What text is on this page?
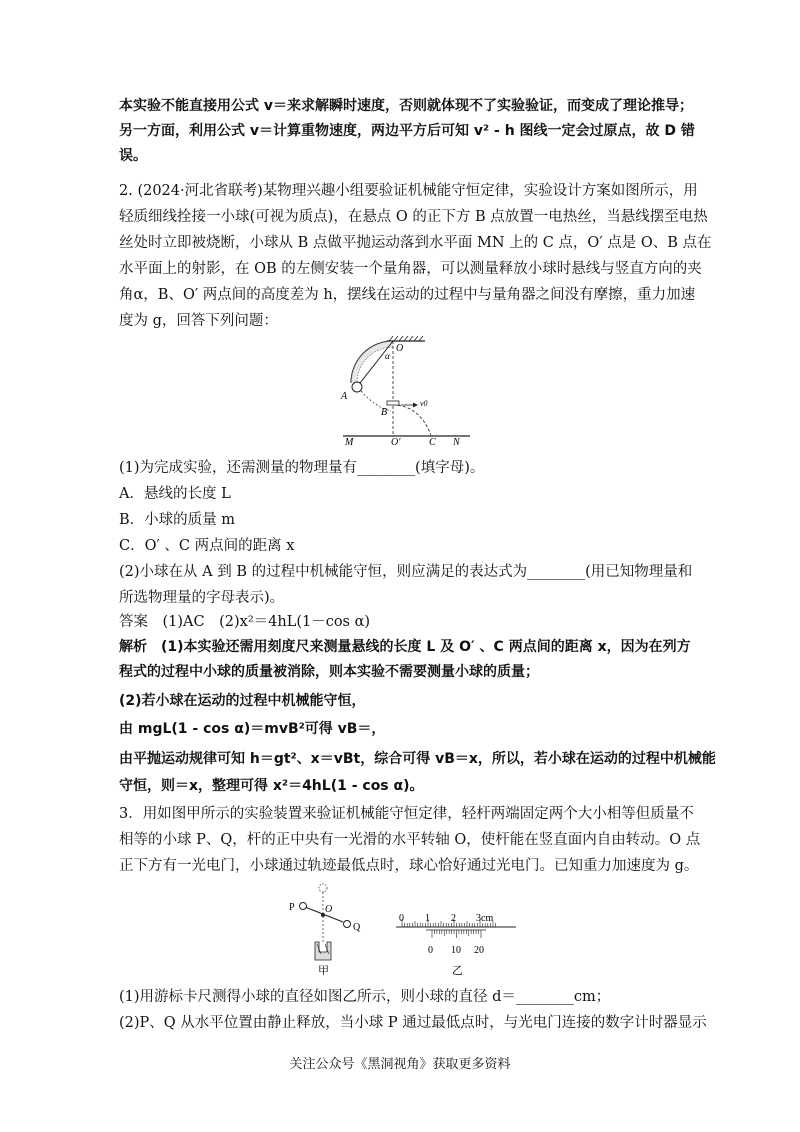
本实验不能直接用公式 v＝来求解瞬时速度，否则就体现不了实验验证，而变成了理论推导；
另一方面，利用公式 v＝计算重物速度，两边平方后可知 v² - h 图线一定会过原点，故 D 错
误。
2. (2024·河北省联考)某物理兴趣小组要验证机械能守恒定律，实验设计方案如图所示，用
轻质细线拴接一小球(可视为质点)，在悬点 O 的正下方 B 点放置一电热丝，当悬线摆至电热
丝处时立即被烧断，小球从 B 点做平抛运动落到水平面 MN 上的 C 点，O′ 点是 O、B 点在
水平面上的射影，在 OB 的左侧安装一个量角器，可以测量释放小球时悬线与竖直方向的夹
角α，B、O′ 两点间的高度差为 h，摆线在运动的过程中与量角器之间没有摩擦，重力加速
度为 g，回答下列问题：
O
α
A
B
v0
M	O′	C N
(1)为完成实验，还需测量的物理量有________(填字母)。
A．悬线的长度 L
B．小球的质量 m
C．O′ 、C 两点间的距离 x
(2)小球在从 A 到 B 的过程中机械能守恒，则应满足的表达式为________(用已知物理量和
所选物理量的字母表示)。
答案　(1)AC　(2)x²＝4hL(1－cos α)
解析　(1)本实验还需用刻度尺来测量悬线的长度 L 及 O′ 、C 两点间的距离 x，因为在列方
程式的过程中小球的质量被消除，则本实验不需要测量小球的质量；
(2)若小球在运动的过程中机械能守恒，
由 mgL(1 - cos α)＝mvB²可得 vB＝，
由平抛运动规律可知 h＝gt²、x＝vBt，综合可得 vB＝x，所以，若小球在运动的过程中机械能
守恒，则＝x，整理可得 x²＝4hL(1 - cos α)。
3．用如图甲所示的实验装置来验证机械能守恒定律，轻杆两端固定两个大小相等但质量不
相等的小球 P、Q，杆的正中央有一光滑的水平转轴 O，使杆能在竖直面内自由转动。O 点
正下方有一光电门，小球通过轨迹最低点时，球心恰好通过光电门。已知重力加速度为 g。
P	O
Q
甲
0 1 2 3cm
0 10 20
乙
(1)用游标卡尺测得小球的直径如图乙所示，则小球的直径 d＝________cm；
(2)P、Q 从水平位置由静止释放，当小球 P 通过最低点时，与光电门连接的数字计时器显示
关注公众号《黑洞视角》获取更多资料
